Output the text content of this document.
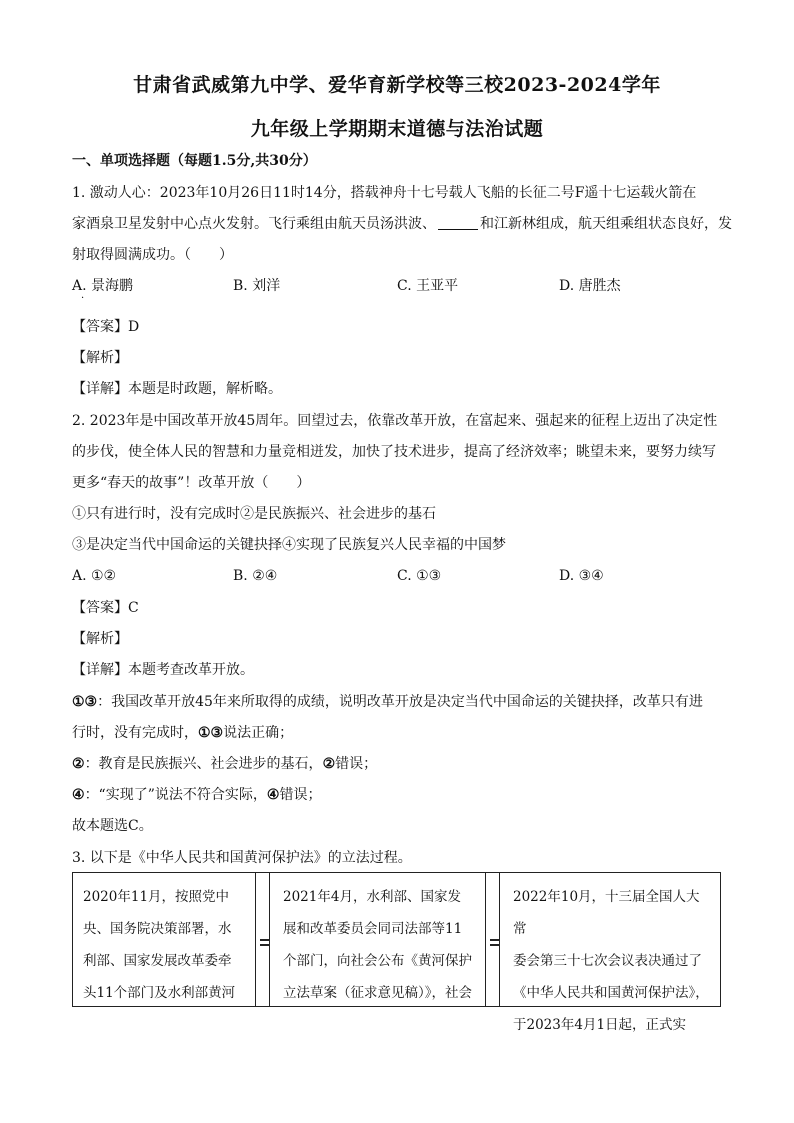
甘肃省武威第九中学、爱华育新学校等三校2023-2024学年
九年级上学期期末道德与法治试题
一、单项选择题（每题1.5分,共30分）
1. 激动人心：2023年10月26日11时14分，搭载神舟十七号载人飞船的长征二号F遥十七运载火箭在
家酒泉卫星发射中心点火发射。飞行乘组由航天员汤洪波、	和江新林组成，航天组乘组状态良好，发
射取得圆满成功。（　　）
A. 景海鹏	B. 刘洋	C. 王亚平	D. 唐胜杰
·
【答案】D
【解析】
【详解】本题是时政题，解析略。
2. 2023年是中国改革开放45周年。回望过去，依靠改革开放，在富起来、强起来的征程上迈出了决定性
的步伐，使全体人民的智慧和力量竞相迸发，加快了技术进步，提高了经济效率；眺望未来，要努力续写
更多“春天的故事”！改革开放（　　）
①只有进行时，没有完成时②是民族振兴、社会进步的基石
③是决定当代中国命运的关键抉择④实现了民族复兴人民幸福的中国梦
A. ①②	B. ②④	C. ①③	D. ③④
【答案】C
【解析】
【详解】本题考查改革开放。
①③：我国改革开放45年来所取得的成绩，说明改革开放是决定当代中国命运的关键抉择，改革只有进
行时，没有完成时，①③说法正确；
②：教育是民族振兴、社会进步的基石，②错误；
④：“实现了”说法不符合实际，④错误；
故本题选C。
3. 以下是《中华人民共和国黄河保护法》的立法过程。
2020年11月，按照党中
央、国务院决策部署，水
利部、国家发展改革委牵
头11个部门及水利部黄河
2021年4月，水利部、国家发
展和改革委员会同司法部等11
个部门，向社会公布《黄河保护
立法草案（征求意见稿）》，社会
2022年10月，十三届全国人大常
委会第三十七次会议表决通过了
《中华人民共和国黄河保护法》，
于2023年4月1日起，正式实
